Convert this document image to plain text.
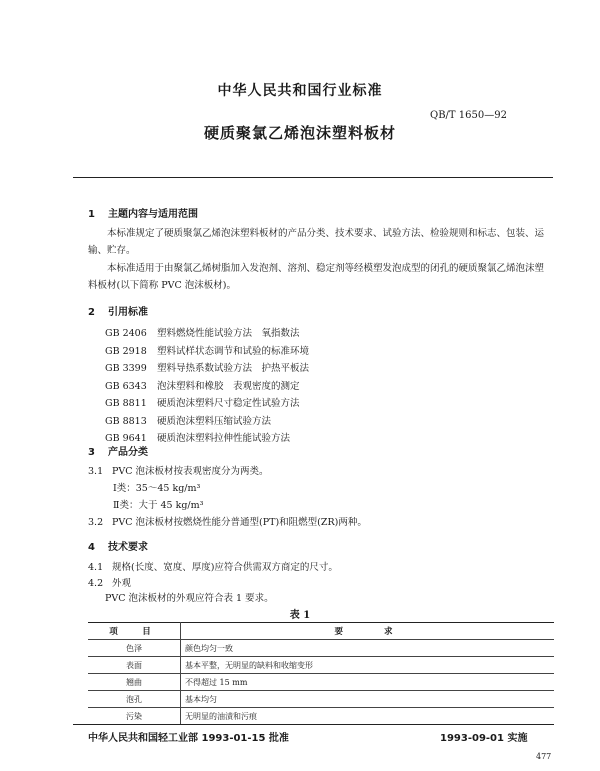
中华人民共和国行业标准
QB/T 1650—92
硬质聚氯乙烯泡沫塑料板材
1 主题内容与适用范围
本标准规定了硬质聚氯乙烯泡沫塑料板材的产品分类、技术要求、试验方法、检验规则和标志、包装、运输、贮存。
本标准适用于由聚氯乙烯树脂加入发泡剂、溶剂、稳定剂等经模塑发泡成型的闭孔的硬质聚氯乙烯泡沫塑料板材(以下简称 PVC 泡沫板材)。
2 引用标准
GB 2406 塑料燃烧性能试验方法　氧指数法
GB 2918 塑料试样状态调节和试验的标准环境
GB 3399 塑料导热系数试验方法　护热平板法
GB 6343 泡沫塑料和橡胶　表观密度的测定
GB 8811 硬质泡沫塑料尺寸稳定性试验方法
GB 8813 硬质泡沫塑料压缩试验方法
GB 9641 硬质泡沫塑料拉伸性能试验方法
3 产品分类
3.1 PVC 泡沫板材按表观密度分为两类。
Ⅰ类：35～45 kg/m³
Ⅱ类：大于 45 kg/m³
3.2 PVC 泡沫板材按燃烧性能分普通型(PT)和阻燃型(ZR)两种。
4 技术要求
4.1 规格(长度、宽度、厚度)应符合供需双方商定的尺寸。
4.2 外观
PVC 泡沫板材的外观应符合表 1 要求。
表 1
项　目	要　　求
色泽	颜色均匀一致
表面	基本平整，无明显的缺料和收缩变形
翘曲	不得超过 15 mm
泡孔	基本均匀
污染	无明显的油渍和污痕
中华人民共和国轻工业部 1993-01-15 批准	1993-09-01 实施
477
